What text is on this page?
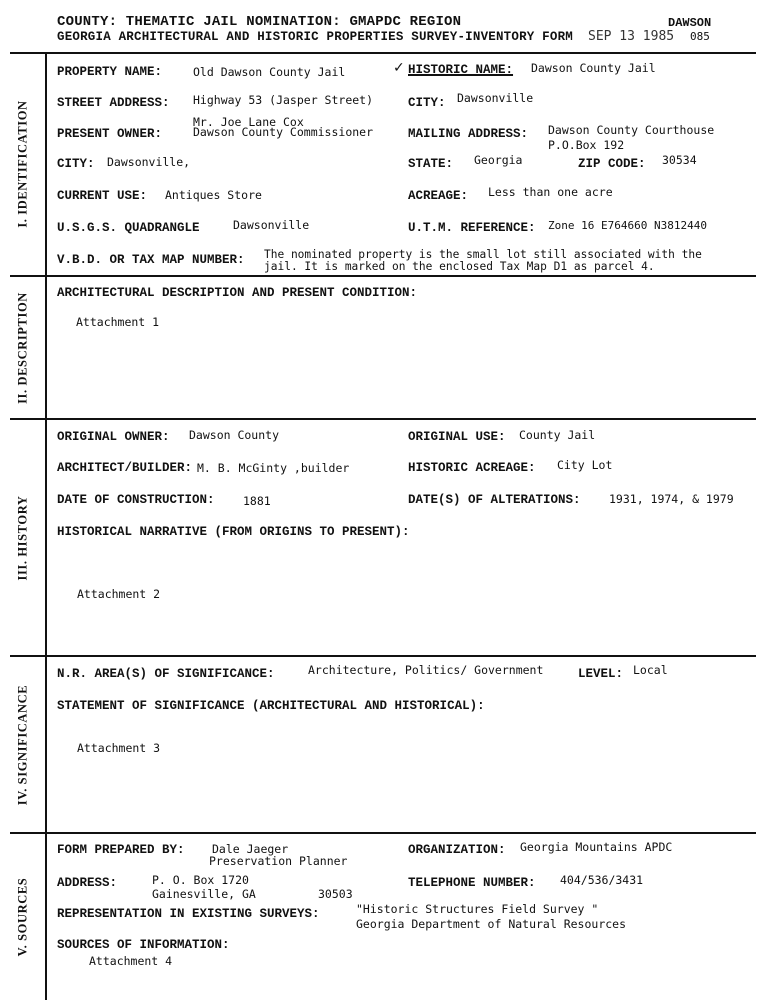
COUNTY: THEMATIC JAIL NOMINATION: GMAPDC REGION
GEORGIA ARCHITECTURAL AND HISTORIC PROPERTIES SURVEY-INVENTORY FORM
DAWSON
085
SEP 13 1985
I. IDENTIFICATION
II. DESCRIPTION
III. HISTORY
IV. SIGNIFICANCE
V. SOURCES
PROPERTY NAME:	Old Dawson County Jail	✓ HISTORIC NAME: Dawson County Jail
STREET ADDRESS: Highway 53 (Jasper Street)	CITY: Dawsonville
Mr. Joe Lane Cox
PRESENT OWNER:	Dawson County Commissioner	MAILING ADDRESS: Dawson County Courthouse
P.O.Box 192
CITY: Dawsonville,	STATE: Georgia	ZIP CODE: 30534
CURRENT USE: Antiques Store	ACREAGE: Less than one acre
U.S.G.S. QUADRANGLE	Dawsonville	U.T.M. REFERENCE: Zone 16 E764660 N3812440
V.B.D. OR TAX MAP NUMBER: The nominated property is the small lot still associated with the
jail. It is marked on the enclosed Tax Map D1 as parcel 4.
ARCHITECTURAL DESCRIPTION AND PRESENT CONDITION:
Attachment 1
ORIGINAL OWNER: Dawson County	ORIGINAL USE: County Jail
ARCHITECT/BUILDER: M. B. McGinty ,builder	HISTORIC ACREAGE: City Lot
DATE OF CONSTRUCTION: 1881	DATE(S) OF ALTERATIONS: 1931, 1974, & 1979
HISTORICAL NARRATIVE (FROM ORIGINS TO PRESENT):
Attachment 2
N.R. AREA(S) OF SIGNIFICANCE:	Architecture, Politics/ Government	LEVEL: Local
STATEMENT OF SIGNIFICANCE (ARCHITECTURAL AND HISTORICAL):
Attachment 3
FORM PREPARED BY: Dale Jaeger
Preservation Planner
ORGANIZATION: Georgia Mountains APDC
ADDRESS:	P. O. Box 1720
Gainesville, GA	30503
TELEPHONE NUMBER: 404/536/3431
REPRESENTATION IN EXISTING SURVEYS:	"Historic Structures Field Survey "
Georgia Department of Natural Resources
SOURCES OF INFORMATION:
Attachment 4
